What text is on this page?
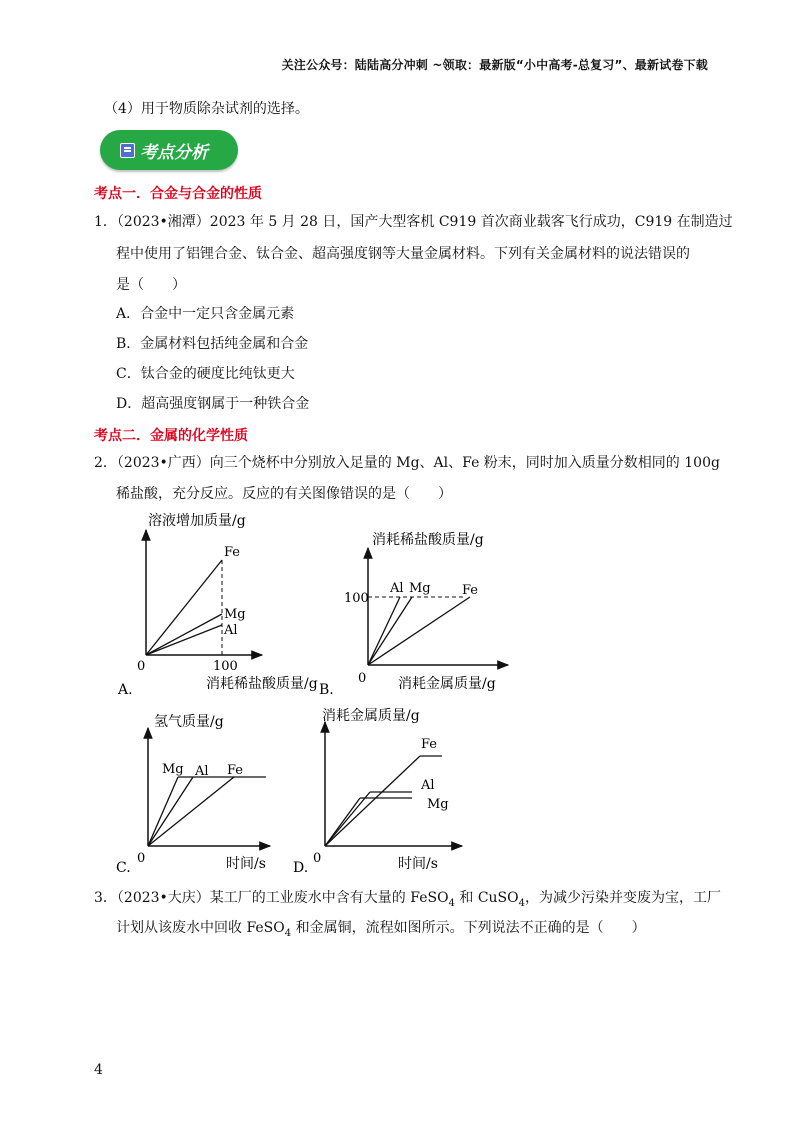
关注公众号：陆陆高分冲刺 ~领取：最新版“小中高考-总复习”、最新试卷下载
（4）用于物质除杂试剂的选择。
考点分析
考点一．合金与合金的性质
1．（2023•湘潭）2023 年 5 月 28 日，国产大型客机 C919 首次商业载客飞行成功，C919 在制造过
程中使用了铝锂合金、钛合金、超高强度钢等大量金属材料。下列有关金属材料的说法错误的
是（　　）
A．合金中一定只含金属元素
B．金属材料包括纯金属和合金
C．钛合金的硬度比纯钛更大
D．超高强度钢属于一种铁合金
考点二．金属的化学性质
2．（2023•广西）向三个烧杯中分别放入足量的 Mg、Al、Fe 粉末，同时加入质量分数相同的 100g
稀盐酸，充分反应。反应的有关图像错误的是（　　）
溶液增加质量/g
Fe
Mg
Al
0	100
消耗稀盐酸质量/g
A.
消耗稀盐酸质量/g
Al Mg Fe
100
0 消耗金属质量/g
B.
氢气质量/g
Mg Al Fe
0	时间/s
C.
消耗金属质量/g
Fe
Al
Mg
0	时间/s
D.
3．（2023•大庆）某工厂的工业废水中含有大量的 FeSO$_4$ 和 CuSO$_4$，为减少污染并变废为宝，工厂
计划从该废水中回收 FeSO$_4$ 和金属铜，流程如图所示。下列说法不正确的是（　　）
4
